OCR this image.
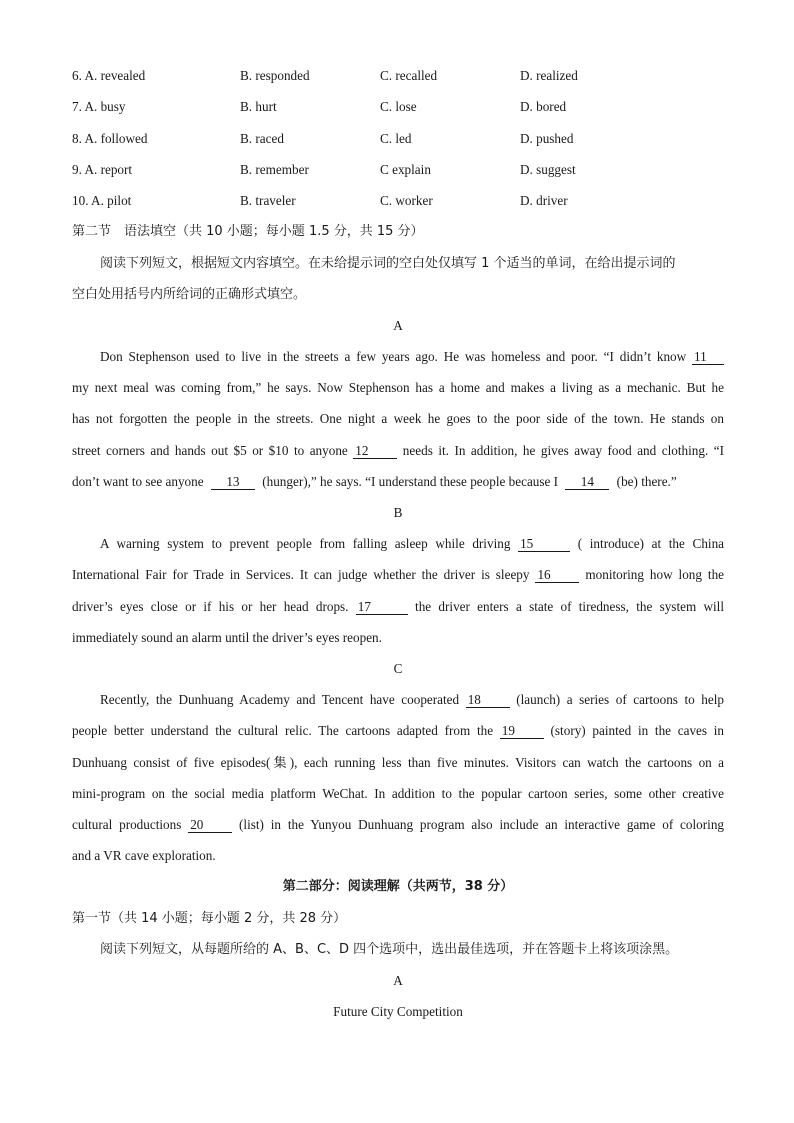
6. A. revealed	B. responded	C. recalled	D. realized
7. A. busy	B. hurt	C. lose	D. bored
8. A. followed	B. raced	C. led	D. pushed
9. A. report	B. remember	C explain	D. suggest
10. A. pilot	B. traveler	C. worker	D. driver
第二节　语法填空（共 10 小题；每小题 1.5 分，共 15 分）
阅读下列短文，根据短文内容填空。在未给提示词的空白处仅填写 1 个适当的单词，在给出提示词的
空白处用括号内所给词的正确形式填空。
A
Don Stephenson used to live in the streets a few years ago. He was homeless and poor. “I didn’t know 11
my next meal was coming from,” he says. Now Stephenson has a home and makes a living as a mechanic. But he
has not forgotten the people in the streets. One night a week he goes to the poor side of the town. He stands on
street corners and hands out $5 or $10 to anyone 12	needs it. In addition, he gives away food and clothing. “I
don’t want to see anyone 13 (hunger),” he says. “I understand these people because I 14 (be) there.”
B
A warning system to prevent people from falling asleep while driving 15	( introduce) at the China
International Fair for Trade in Services. It can judge whether the driver is sleepy 16	monitoring how long the
driver’s eyes close or if his or her head drops. 17	the driver enters a state of tiredness, the system will
immediately sound an alarm until the driver’s eyes reopen.
C
Recently, the Dunhuang Academy and Tencent have cooperated 18	(launch) a series of cartoons to help
people better understand the cultural relic. The cartoons adapted from the 19	(story) painted in the caves in
Dunhuang consist of five episodes(集), each running less than five minutes. Visitors can watch the cartoons on a
mini-program on the social media platform WeChat. In addition to the popular cartoon series, some other creative
cultural productions 20	(list) in the Yunyou Dunhuang program also include an interactive game of coloring
and a VR cave exploration.
第二部分：阅读理解（共两节，38 分）
第一节（共 14 小题；每小题 2 分，共 28 分）
阅读下列短文，从每题所给的 A、B、C、D 四个选项中，选出最佳选项，并在答题卡上将该项涂黑。
A
Future City Competition
